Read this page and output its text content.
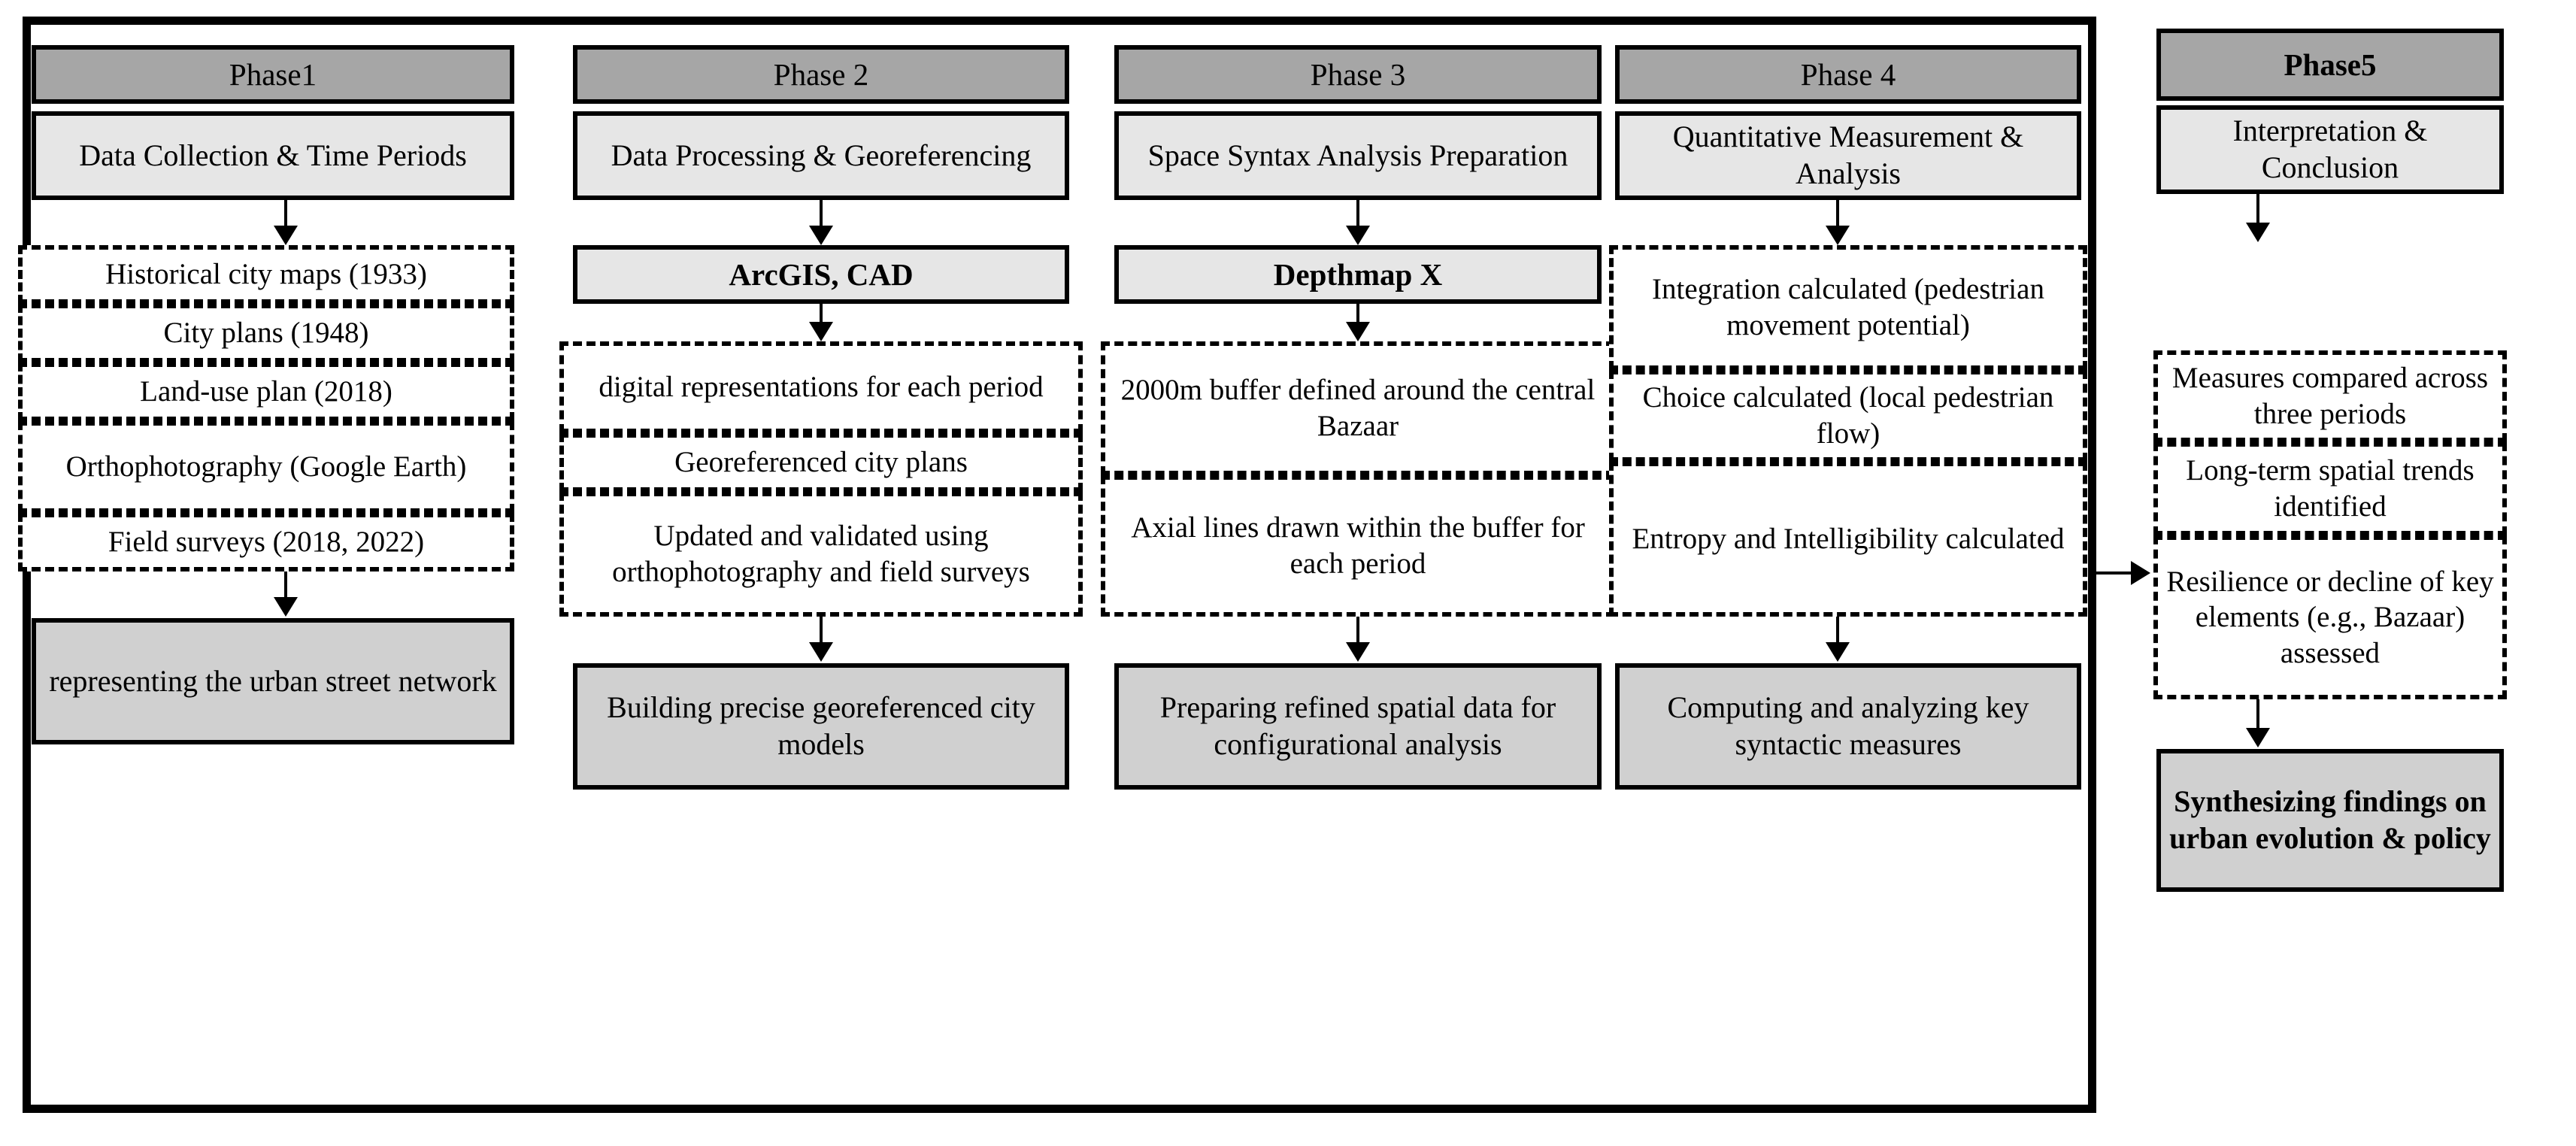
Phase1
Data Collection & Time Periods
Historical city maps (1933)
City plans (1948)
Land-use plan (2018)
Orthophotography (Google Earth)
Field surveys (2018, 2022)
representing the urban street network
Phase 2
Data Processing & Georeferencing
ArcGIS, CAD
digital representations for each period
Georeferenced city plans
Updated and validated using orthophotography and field surveys
Building precise georeferenced city models
Phase 3
Space Syntax Analysis Preparation
Depthmap X
2000m buffer defined around the central Bazaar
Axial lines drawn within the buffer for each period
Preparing refined spatial data for configurational analysis
Phase 4
Quantitative Measurement & Analysis
Integration calculated (pedestrian movement potential)
Choice calculated (local pedestrian flow)
Entropy and Intelligibility calculated
Computing and analyzing key syntactic measures
Phase5
Interpretation & Conclusion
Measures compared across three periods
Long-term spatial trends identified
Resilience or decline of key elements (e.g., Bazaar) assessed
Synthesizing findings on urban evolution & policy
